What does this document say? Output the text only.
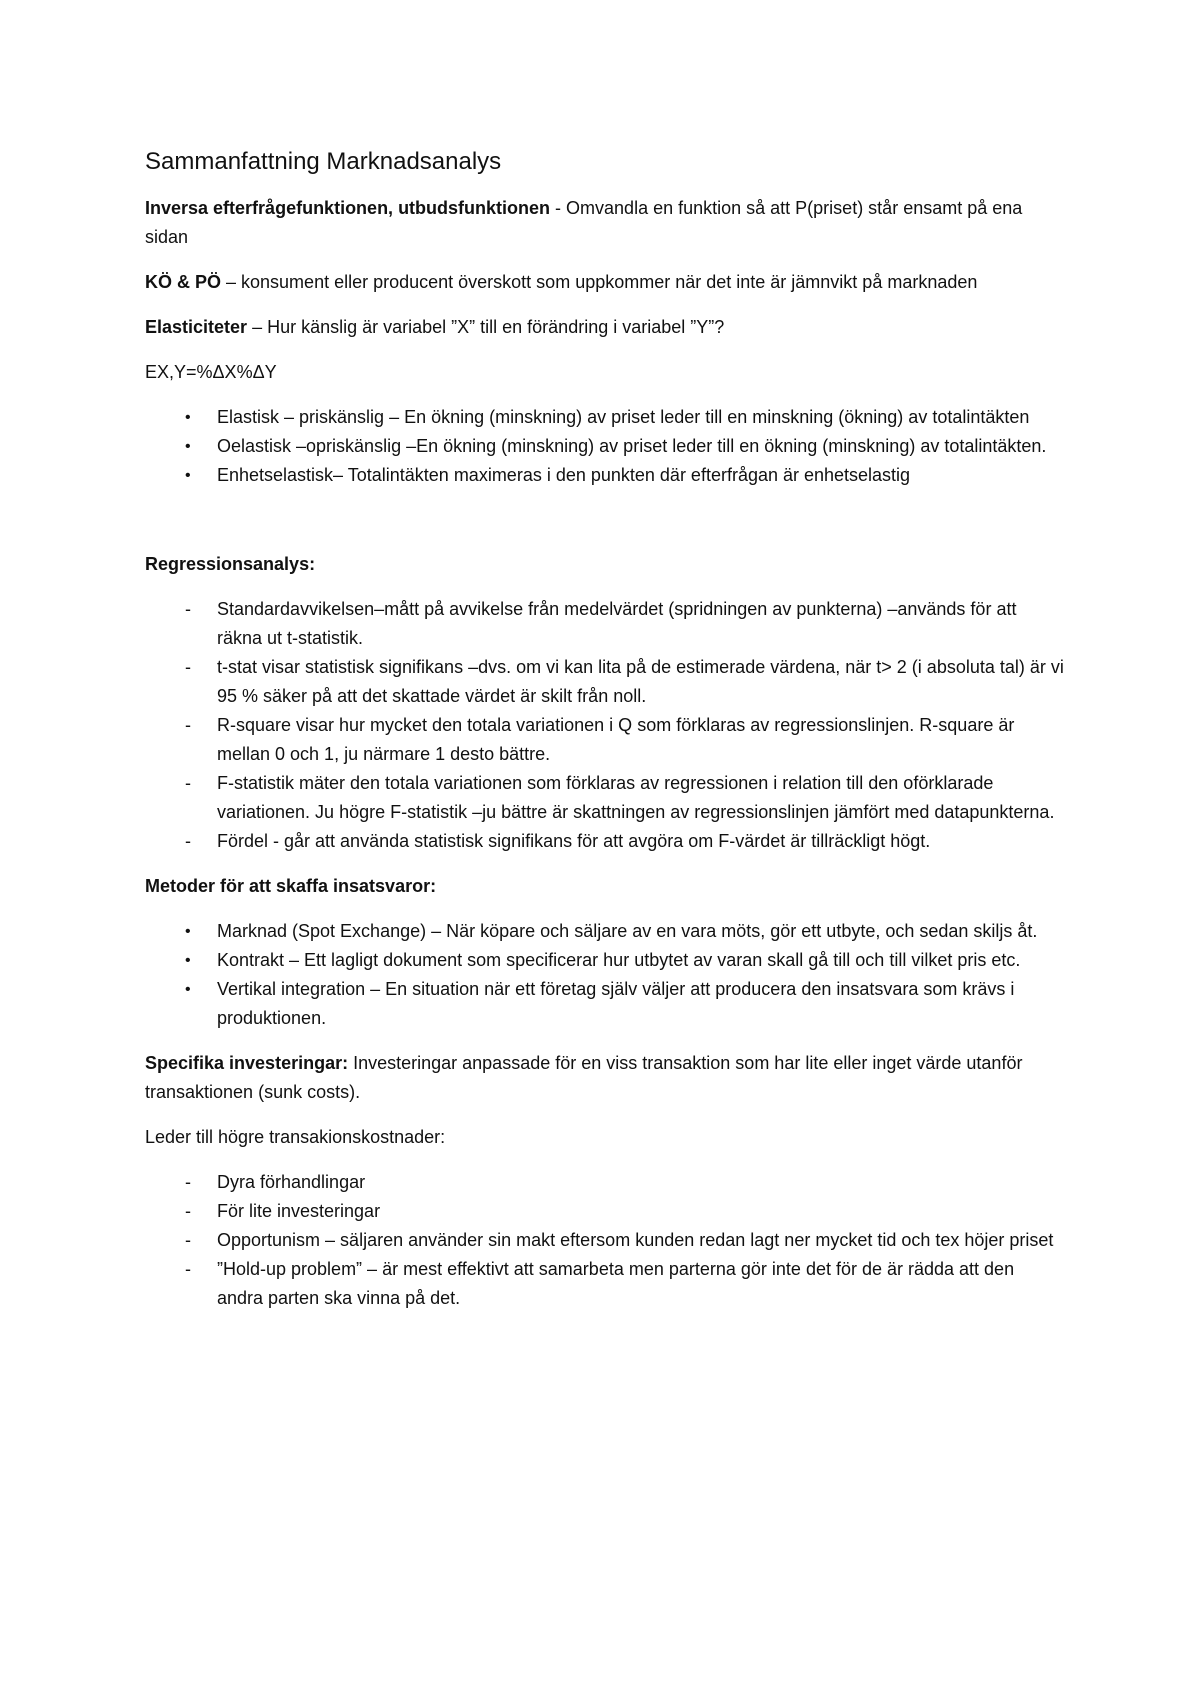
Sammanfattning Marknadsanalys

Inversa efterfrågefunktionen, utbudsfunktionen - Omvandla en funktion så att P(priset) står ensamt på ena sidan

KÖ & PÖ – konsument eller producent överskott som uppkommer när det inte är jämnvikt på marknaden

Elasticiteter – Hur känslig är variabel ”X” till en förändring i variabel ”Y”?

EX,Y=%ΔX%ΔY

•	Elastisk – priskänslig – En ökning (minskning) av priset leder till en minskning (ökning) av totalintäkten
•	Oelastisk –opriskänslig –En ökning (minskning) av priset leder till en ökning (minskning) av totalintäkten.
•	Enhetselastisk– Totalintäkten maximeras i den punkten där efterfrågan är enhetselastig

Regressionsanalys:

-	Standardavvikelsen–mått på avvikelse från medelvärdet (spridningen av punkterna) –används för att räkna ut t-statistik.
-	t-stat visar statistisk signifikans –dvs. om vi kan lita på de estimerade värdena, när t> 2 (i absoluta tal) är vi 95 % säker på att det skattade värdet är skilt från noll.
-	R-square visar hur mycket den totala variationen i Q som förklaras av regressionslinjen. R-square är mellan 0 och 1, ju närmare 1 desto bättre.
-	F-statistik mäter den totala variationen som förklaras av regressionen i relation till den oförklarade variationen. Ju högre F-statistik –ju bättre är skattningen av regressionslinjen jämfört med datapunkterna.
-	Fördel - går att använda statistisk signifikans för att avgöra om F-värdet är tillräckligt högt.

Metoder för att skaffa insatsvaror:

•	Marknad (Spot Exchange) – När köpare och säljare av en vara möts, gör ett utbyte, och sedan skiljs åt.
•	Kontrakt – Ett lagligt dokument som specificerar hur utbytet av varan skall gå till och till vilket pris etc.
•	Vertikal integration – En situation när ett företag själv väljer att producera den insatsvara som krävs i produktionen.

Specifika investeringar: Investeringar anpassade för en viss transaktion som har lite eller inget värde utanför transaktionen (sunk costs).

Leder till högre transakionskostnader:

-	Dyra förhandlingar
-	För lite investeringar
-	Opportunism – säljaren använder sin makt eftersom kunden redan lagt ner mycket tid och tex höjer priset
-	”Hold-up problem” – är mest effektivt att samarbeta men parterna gör inte det för de är rädda att den andra parten ska vinna på det.
